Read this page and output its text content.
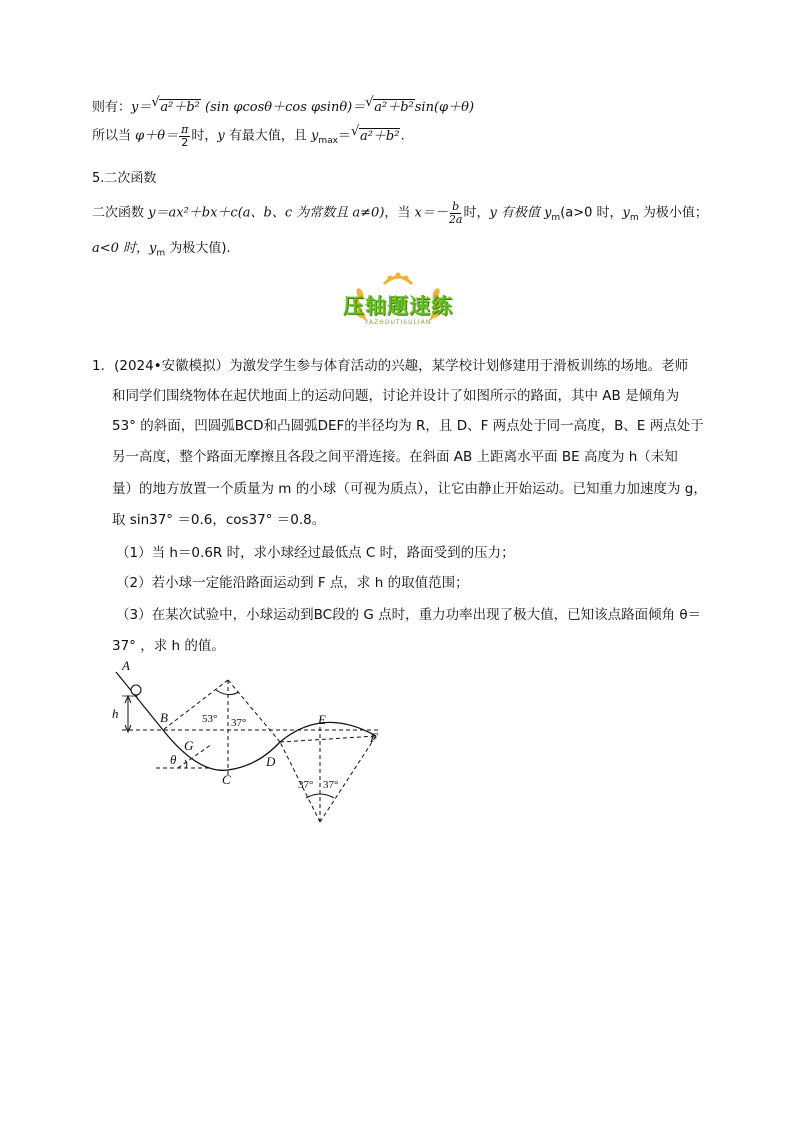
则有：y＝√ a²＋b² (sin φcosθ＋cos φsinθ)＝√ a²＋b²sin(φ＋θ)
所以当 $\varphi+\theta= \frac{\pi}{2}$ 时，y 有最大值，且 $y_{max}=√$ a²＋b².
5.二次函数
二次函数 y＝ax²＋bx＋c(a、b、c 为常数且 a≠0)，当 $x=- \frac{b}{2a}$ 时，y 有极值 $y_m(a>0$ 时，$y_m$ 为极小值；
a<0 时，$y_m$ 为极大值).
压轴题速练
YAZHOUTISULIAN
1．(2024•安徽模拟）为激发学生参与体育活动的兴趣，某学校计划修建用于滑板训练的场地。老师
和同学们围绕物体在起伏地面上的运动问题，讨论并设计了如图所示的路面，其中 AB 是倾角为
53° 的斜面，凹圆弧BCD和凸圆弧DEF的半径均为 R，且 D、F 两点处于同一高度，B、E 两点处于
另一高度，整个路面无摩擦且各段之间平滑连接。在斜面 AB 上距离水平面 BE 高度为 h（未知
量）的地方放置一个质量为 m 的小球（可视为质点），让它由静止开始运动。已知重力加速度为 g，
取 sin37° ＝0.6，cos37° ＝0.8。
（1）当 h＝0.6R 时，求小球经过最低点 C 时，路面受到的压力；
（2）若小球一定能沿路面运动到 F 点，求 h 的取值范围；
（3）在某次试验中，小球运动到BC段的 G 点时，重力功率出现了极大值，已知该点路面倾角 θ＝
37° ，求 h 的值。
A
B
G
C
D
E
F
h
θ
53° 37°
37° 37°
